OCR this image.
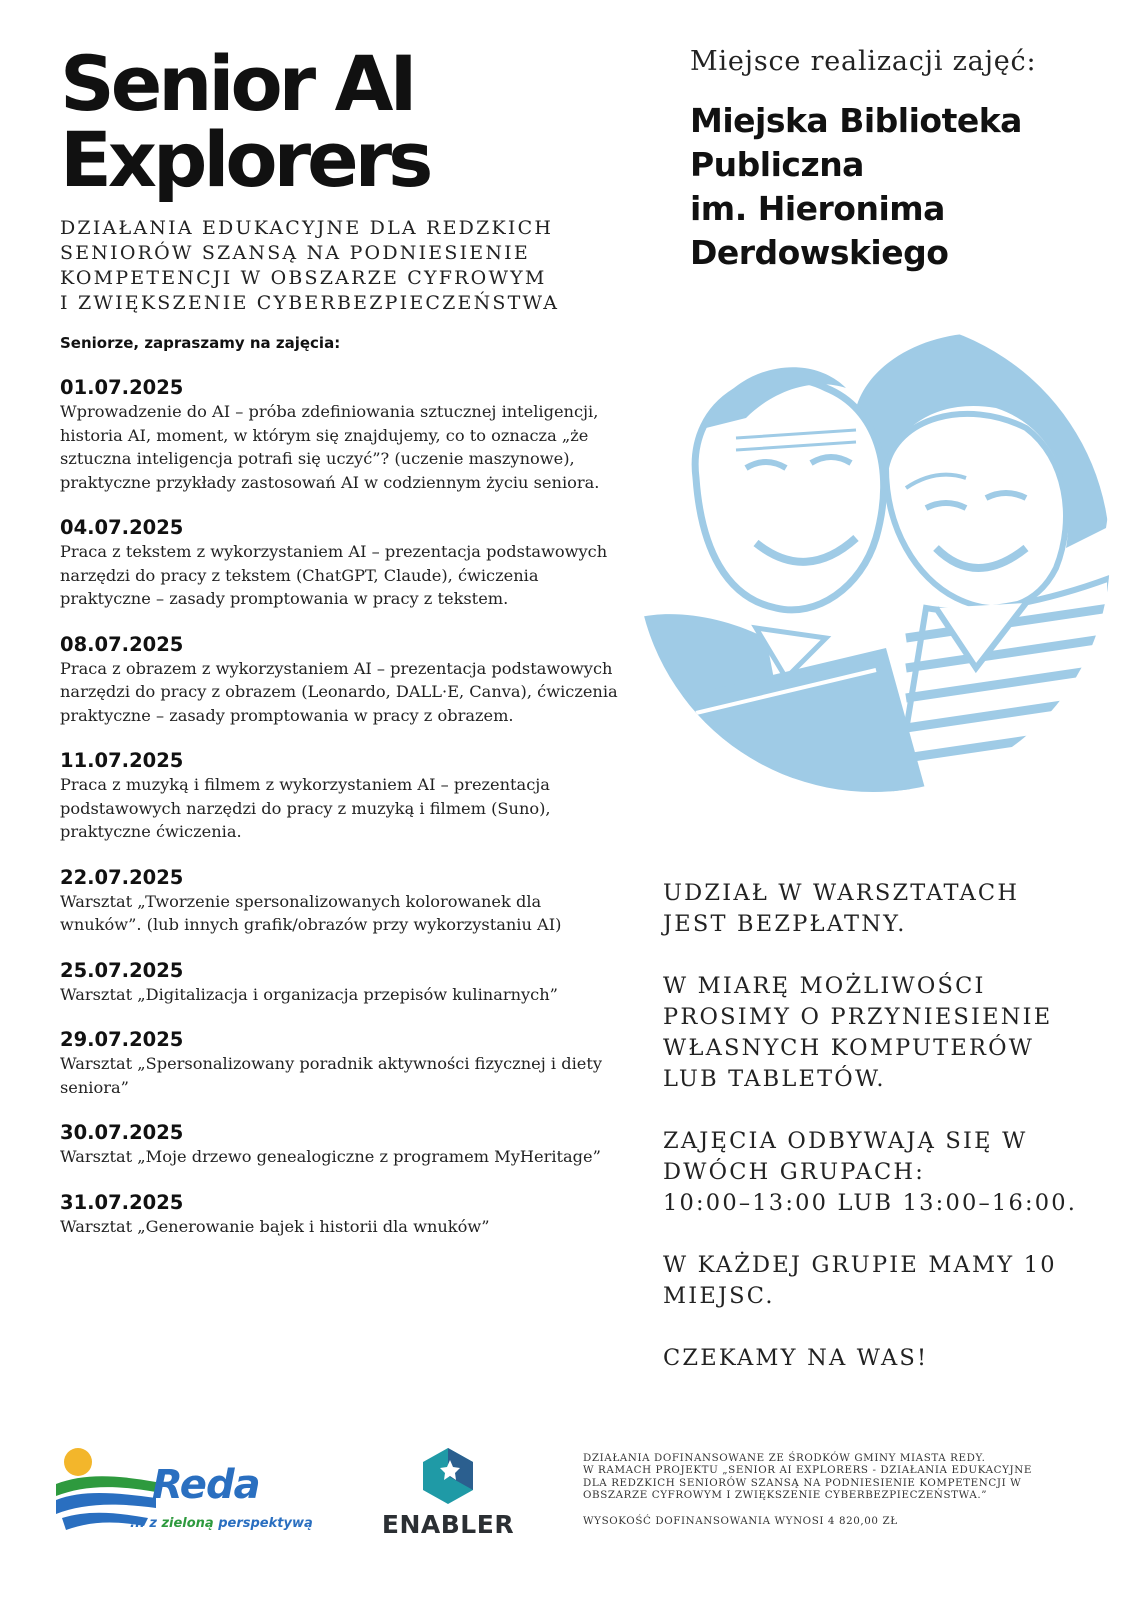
Senior AI
Explorers
DZIAŁANIA EDUKACYJNE DLA REDZKICH
SENIORÓW SZANSĄ NA PODNIESIENIE
KOMPETENCJI W OBSZARZE CYFROWYM
I ZWIĘKSZENIE CYBERBEZPIECZEŃSTWA
Seniorze, zapraszamy na zajęcia:
01.07.2025
Wprowadzenie do AI – próba zdefiniowania sztucznej inteligencji, historia AI, moment, w którym się znajdujemy, co to oznacza „że sztuczna inteligencja potrafi się uczyć”? (uczenie maszynowe), praktyczne przykłady zastosowań AI w codziennym życiu seniora.
04.07.2025
Praca z tekstem z wykorzystaniem AI – prezentacja podstawowych narzędzi do pracy z tekstem (ChatGPT, Claude), ćwiczenia praktyczne – zasady promptowania w pracy z tekstem.
08.07.2025
Praca z obrazem z wykorzystaniem AI – prezentacja podstawowych narzędzi do pracy z obrazem (Leonardo, DALL·E, Canva), ćwiczenia praktyczne – zasady promptowania w pracy z obrazem.
11.07.2025
Praca z muzyką i filmem z wykorzystaniem AI – prezentacja podstawowych narzędzi do pracy z muzyką i filmem (Suno), praktyczne ćwiczenia.
22.07.2025
Warsztat „Tworzenie spersonalizowanych kolorowanek dla wnuków”. (lub innych grafik/obrazów przy wykorzystaniu AI)
25.07.2025
Warsztat „Digitalizacja i organizacja przepisów kulinarnych”
29.07.2025
Warsztat „Spersonalizowany poradnik aktywności fizycznej i diety seniora”
30.07.2025
Warsztat „Moje drzewo genealogiczne z programem MyHeritage”
31.07.2025
Warsztat „Generowanie bajek i historii dla wnuków”
Miejsce realizacji zajęć:
Miejska Biblioteka
Publiczna
im. Hieronima
Derdowskiego
UDZIAŁ W WARSZTATACH
JEST BEZPŁATNY.
W MIARĘ MOŻLIWOŚCI
PROSIMY O PRZYNIESIENIE
WŁASNYCH KOMPUTERÓW
LUB TABLETÓW.
ZAJĘCIA ODBYWAJĄ SIĘ W
DWÓCH GRUPACH:
10:00–13:00 LUB 13:00–16:00.
W KAŻDEJ GRUPIE MAMY 10
MIEJSC.
CZEKAMY NA WAS!
Reda
... z zieloną perspektywą	ENABLER
DZIAŁANIA DOFINANSOWANE ZE ŚRODKÓW GMINY MIASTA REDY.
W RAMACH PROJEKTU „SENIOR AI EXPLORERS - DZIAŁANIA EDUKACYJNE
DLA REDZKICH SENIORÓW SZANSĄ NA PODNIESIENIE KOMPETENCJI W
OBSZARZE CYFROWYM I ZWIĘKSZENIE CYBERBEZPIECZEŃSTWA.”
WYSOKOŚĆ DOFINANSOWANIA WYNOSI 4 820,00 ZŁ
